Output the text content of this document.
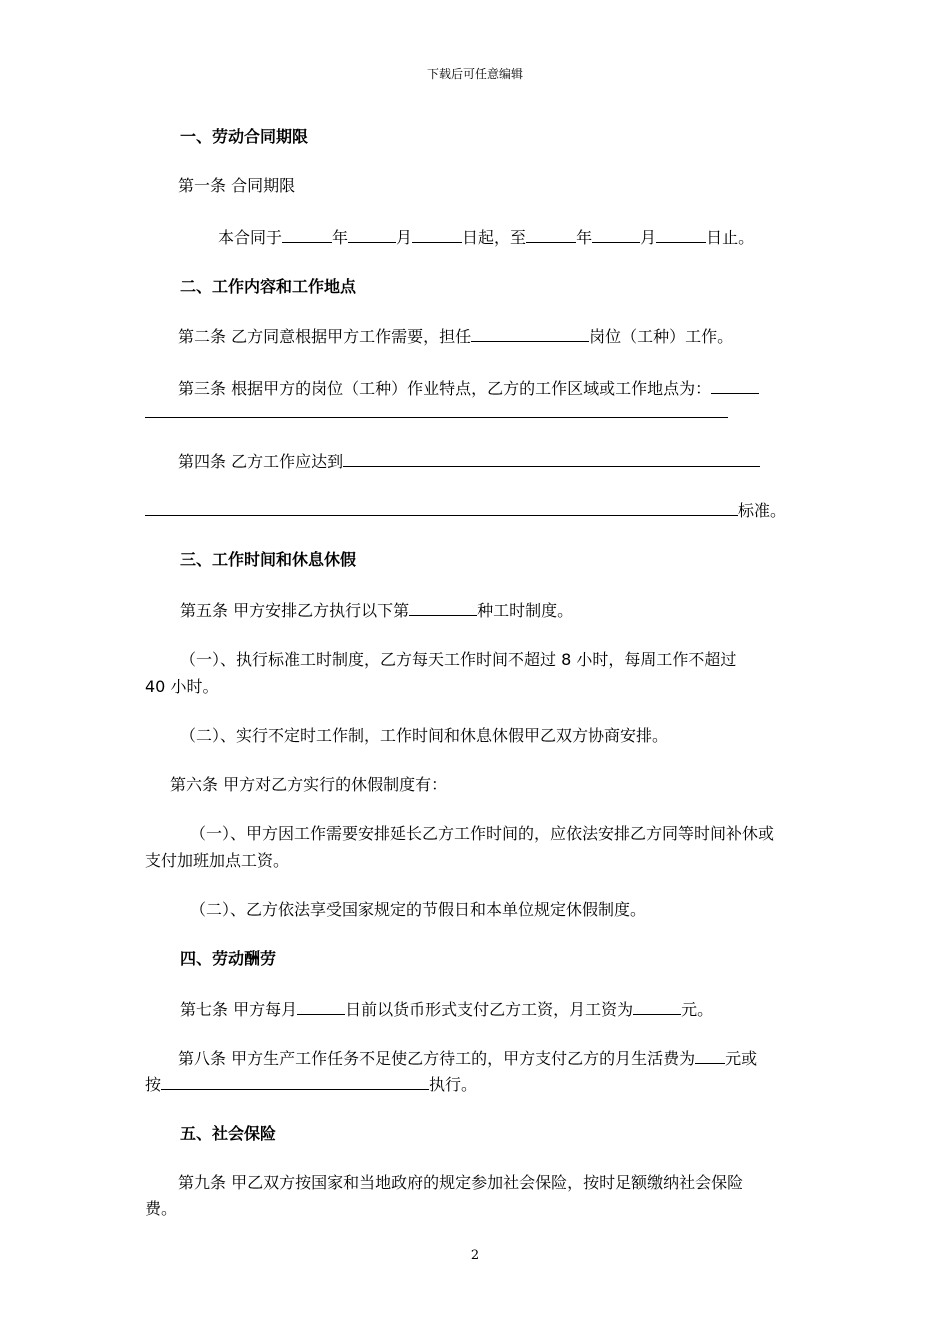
下载后可任意编辑
一、劳动合同期限
第一条 合同期限
本合同于	年	月	日起，至	年	月	日止。
二、工作内容和工作地点
第二条 乙方同意根据甲方工作需要，担任	岗位（工种）工作。
第三条 根据甲方的岗位（工种）作业特点，乙方的工作区域或工作地点为：
第四条 乙方工作应达到
标准。
三、工作时间和休息休假
第五条 甲方安排乙方执行以下第	种工时制度。
（一）、执行标准工时制度，乙方每天工作时间不超过 8 小时，每周工作不超过
40 小时。
（二）、实行不定时工作制，工作时间和休息休假甲乙双方协商安排。
第六条 甲方对乙方实行的休假制度有：
（一）、甲方因工作需要安排延长乙方工作时间的，应依法安排乙方同等时间补休或
支付加班加点工资。
（二）、乙方依法享受国家规定的节假日和本单位规定休假制度。
四、劳动酬劳
第七条 甲方每月	日前以货币形式支付乙方工资，月工资为	元。
第八条 甲方生产工作任务不足使乙方待工的，甲方支付乙方的月生活费为 元或
按	执行。
五、社会保险
第九条 甲乙双方按国家和当地政府的规定参加社会保险，按时足额缴纳社会保险
费。
2
